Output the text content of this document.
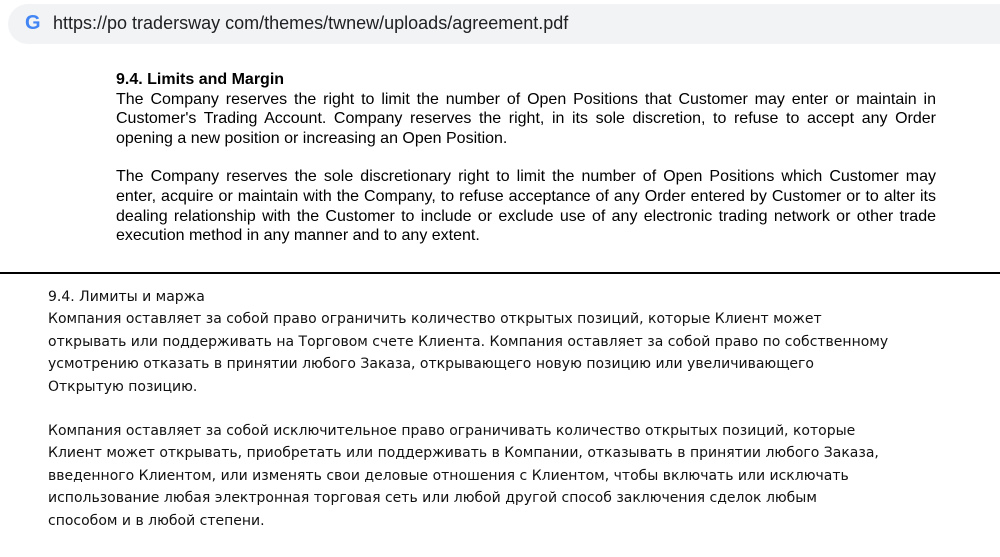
G https://po tradersway com/themes/twnew/uploads/agreement.pdf
9.4. Limits and Margin

The Company reserves the right to limit the number of Open Positions that Customer may enter or maintain in Customer's Trading Account. Company reserves the right, in its sole discretion, to refuse to accept any Order opening a new position or increasing an Open Position.

The Company reserves the sole discretionary right to limit the number of Open Positions which Customer may enter, acquire or maintain with the Company, to refuse acceptance of any Order entered by Customer or to alter its dealing relationship with the Customer to include or exclude use of any electronic trading network or other trade execution method in any manner and to any extent.

9.4. Лимиты и маржа

Компания оставляет за собой право ограничить количество открытых позиций, которые Клиент может
открывать или поддерживать на Торговом счете Клиента. Компания оставляет за собой право по собственному
усмотрению отказать в принятии любого Заказа, открывающего новую позицию или увеличивающего
Открытую позицию.

Компания оставляет за собой исключительное право ограничивать количество открытых позиций, которые
Клиент может открывать, приобретать или поддерживать в Компании, отказывать в принятии любого Заказа,
введенного Клиентом, или изменять свои деловые отношения с Клиентом, чтобы включать или исключать
использование любая электронная торговая сеть или любой другой способ заключения сделок любым
способом и в любой степени.
